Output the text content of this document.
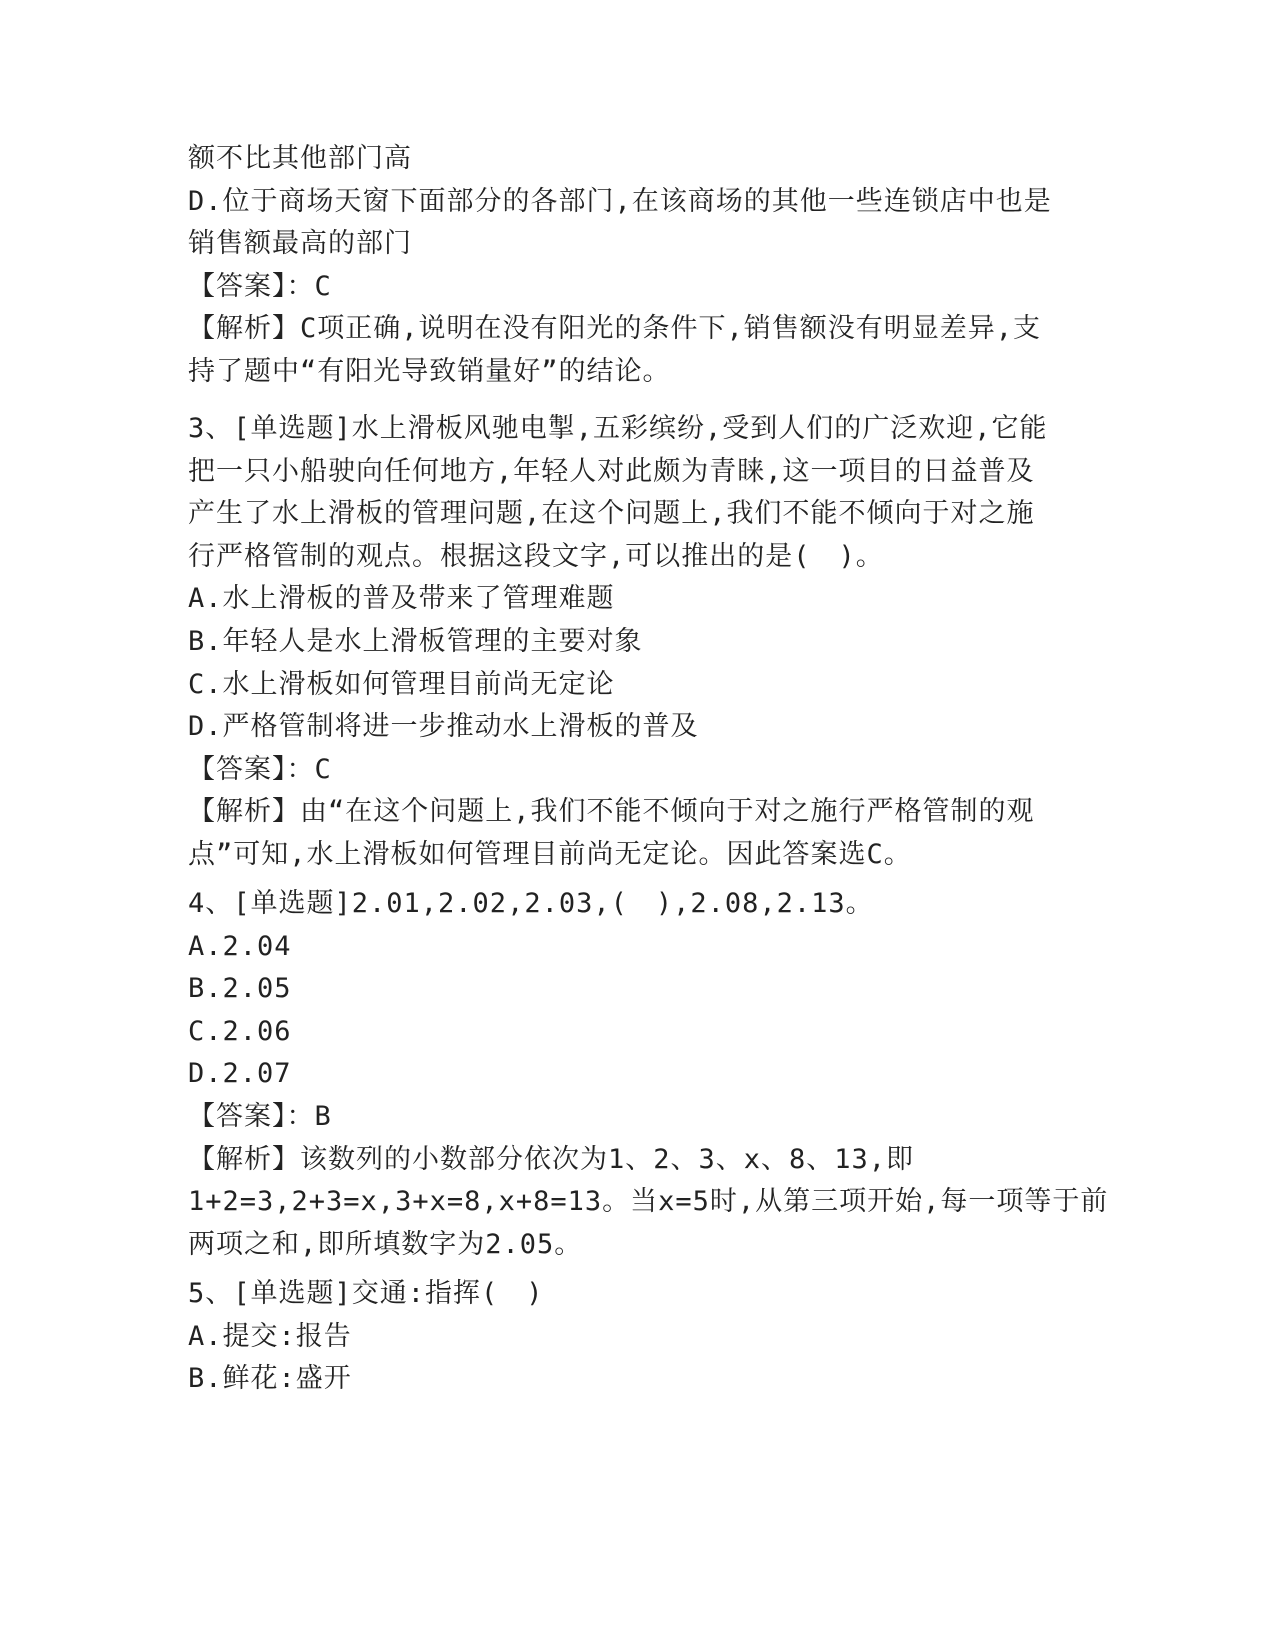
额不比其他部门高
D.位于商场天窗下面部分的各部门,在该商场的其他一些连锁店中也是
销售额最高的部门
【答案】：C
【解析】C项正确,说明在没有阳光的条件下,销售额没有明显差异,支
持了题中“有阳光导致销量好”的结论。
3、[单选题]水上滑板风驰电掣,五彩缤纷,受到人们的广泛欢迎,它能
把一只小船驶向任何地方,年轻人对此颇为青睐,这一项目的日益普及
产生了水上滑板的管理问题,在这个问题上,我们不能不倾向于对之施
行严格管制的观点。根据这段文字,可以推出的是(　)。
A.水上滑板的普及带来了管理难题
B.年轻人是水上滑板管理的主要对象
C.水上滑板如何管理目前尚无定论
D.严格管制将进一步推动水上滑板的普及
【答案】：C
【解析】由“在这个问题上,我们不能不倾向于对之施行严格管制的观
点”可知,水上滑板如何管理目前尚无定论。因此答案选C。
4、[单选题]2.01,2.02,2.03,(　),2.08,2.13。
A.2.04
B.2.05
C.2.06
D.2.07
【答案】：B
【解析】该数列的小数部分依次为1、2、3、x、8、13,即
1+2=3,2+3=x,3+x=8,x+8=13。当x=5时,从第三项开始,每一项等于前
两项之和,即所填数字为2.05。
5、[单选题]交通:指挥(　)
A.提交:报告
B.鲜花:盛开
